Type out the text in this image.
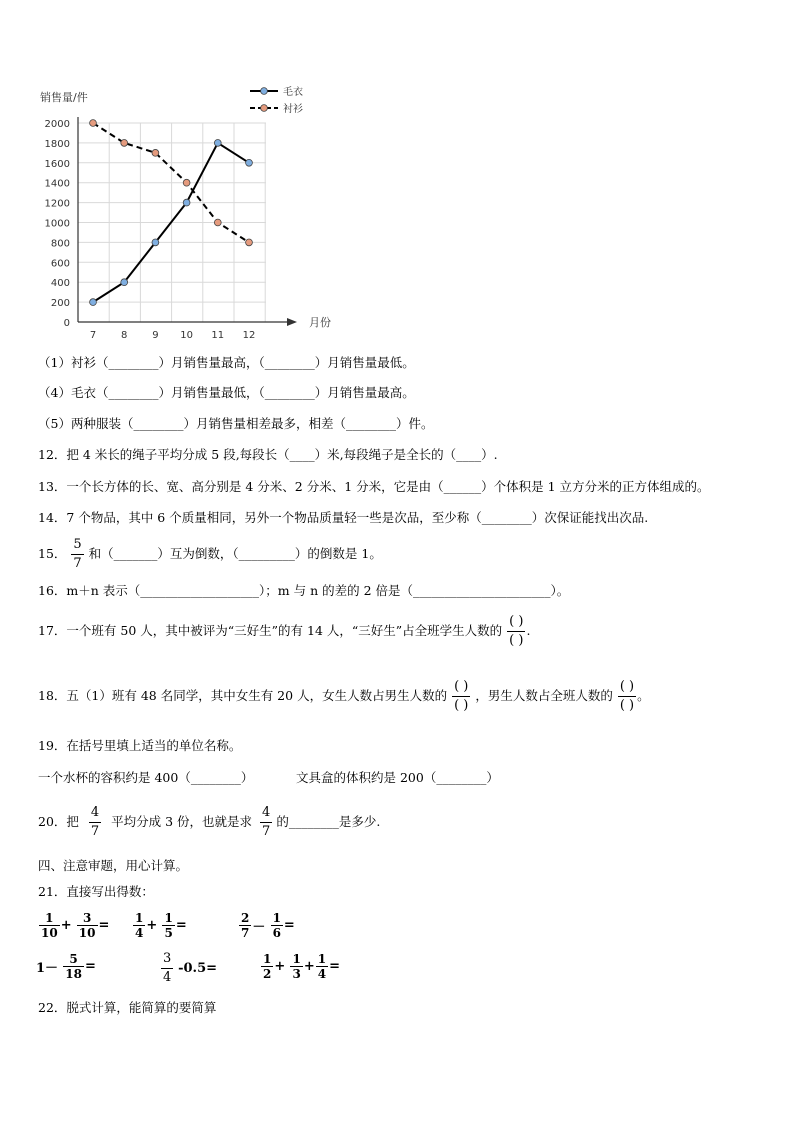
0
200
400
600
800
1000
1200
1400
1600
1800
2000
7 8 9 10 11 12
毛衣
衬衫
销售量/件
月份
（1）衬衫（________）月销售量最高，（________）月销售量最低。
（4）毛衣（________）月销售量最低，（________）月销售量最高。
（5）两种服装（________）月销售量相差最多，相差（________）件。
12．把 4 米长的绳子平均分成 5 段,每段长（____）米,每段绳子是全长的（____）.
13．一个长方体的长、宽、高分别是 4 分米、2 分米、1 分米，它是由（______）个体积是 1 立方分米的正方体组成的。
14．7 个物品，其中 6 个质量相同，另外一个物品质量轻一些是次品，至少称（________）次保证能找出次品.
15． $\frac{5}{7}$ 和（_______）互为倒数，（_________）的倒数是 1。
16．m＋n 表示（___________________）；m 与 n 的差的 2 倍是（______________________）。
17．一个班有 50 人，其中被评为“三好生”的有 14 人，“三好生”占全班学生人数的 $\frac{( )}{( )}$ .
18．五（1）班有 48 名同学，其中女生有 20 人，女生人数占男生人数的 $\frac{( )}{( )}$ ，男生人数占全班人数的 $\frac{( )}{( )}$ 。
19．在括号里填上适当的单位名称。
一个水杯的容积约是 400（________）	文具盒的体积约是 200（________）
20．把 $\frac{4}{7}$ 平均分成 3 份，也就是求 $\frac{4}{7}$ 的________是多少.
四、注意审题，用心计算。
21．直接写出得数：
$\frac{1}{10} + \frac{3}{10} = \frac{1}{4} + \frac{1}{5}$ =	$\frac{2}{7} - \frac{1}{6}$ =
$1- \frac{5}{18}$ =	$\frac{3}{4} -0.5=$	$\frac{1}{2} + \frac{1}{3} + \frac{1}{4}$ =
22．脱式计算，能简算的要简算
